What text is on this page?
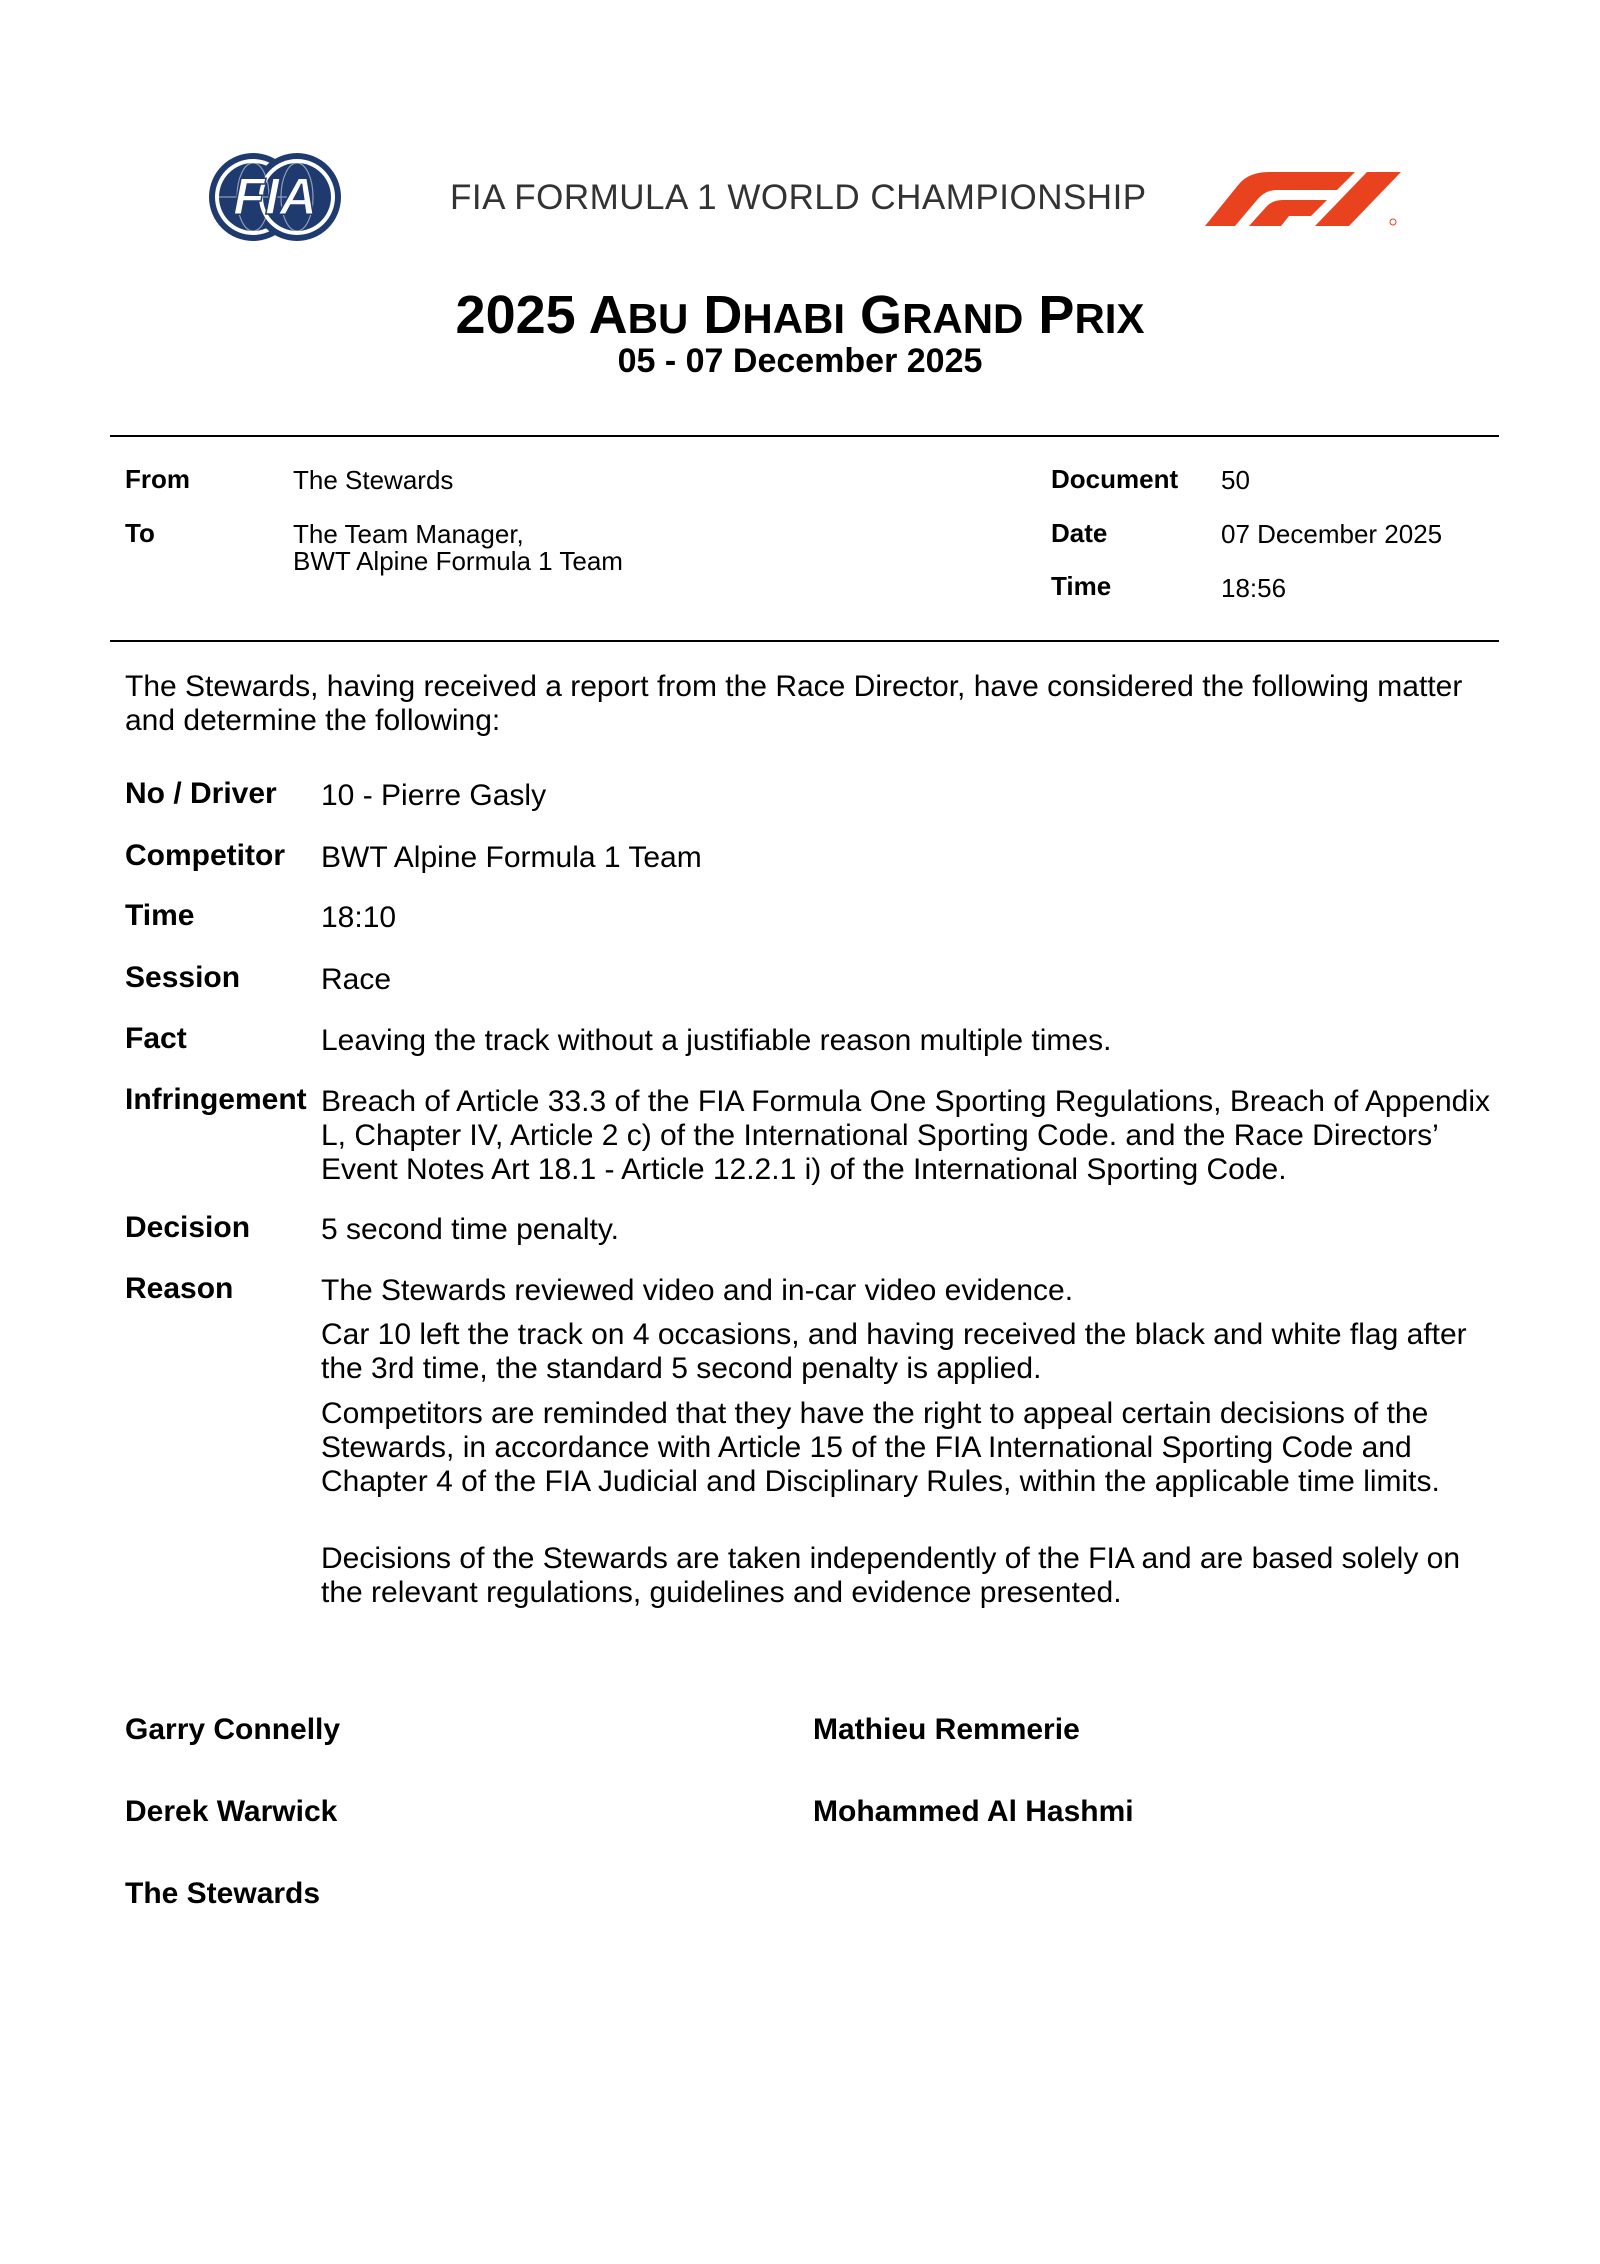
FIA	FIA FORMULA 1 WORLD CHAMPIONSHIP
2025 ABU DHABI GRAND PRIX
05 - 07 December 2025
From	The Stewards
To	The Team Manager,
BWT Alpine Formula 1 Team
Document 50
Date	07 December 2025
Time	18:56
The Stewards, having received a report from the Race Director, have considered the following matter and determine the following:
No / Driver 10 - Pierre Gasly
Competitor BWT Alpine Formula 1 Team
Time	18:10
Session	Race
Fact	Leaving the track without a justifiable reason multiple times.
Infringement Breach of Article 33.3 of the FIA Formula One Sporting Regulations, Breach of Appendix L, Chapter IV, Article 2 c) of the International Sporting Code. and the Race Directors’ Event Notes Art 18.1 - Article 12.2.1 i) of the International Sporting Code.
Decision 5 second time penalty.
Reason	The Stewards reviewed video and in-car video evidence.
Car 10 left the track on 4 occasions, and having received the black and white flag after the 3rd time, the standard 5 second penalty is applied.
Competitors are reminded that they have the right to appeal certain decisions of the Stewards, in accordance with Article 15 of the FIA International Sporting Code and Chapter 4 of the FIA Judicial and Disciplinary Rules, within the applicable time limits.
Decisions of the Stewards are taken independently of the FIA and are based solely on the relevant regulations, guidelines and evidence presented.
Garry Connelly	Mathieu Remmerie
Derek Warwick	Mohammed Al Hashmi
The Stewards
